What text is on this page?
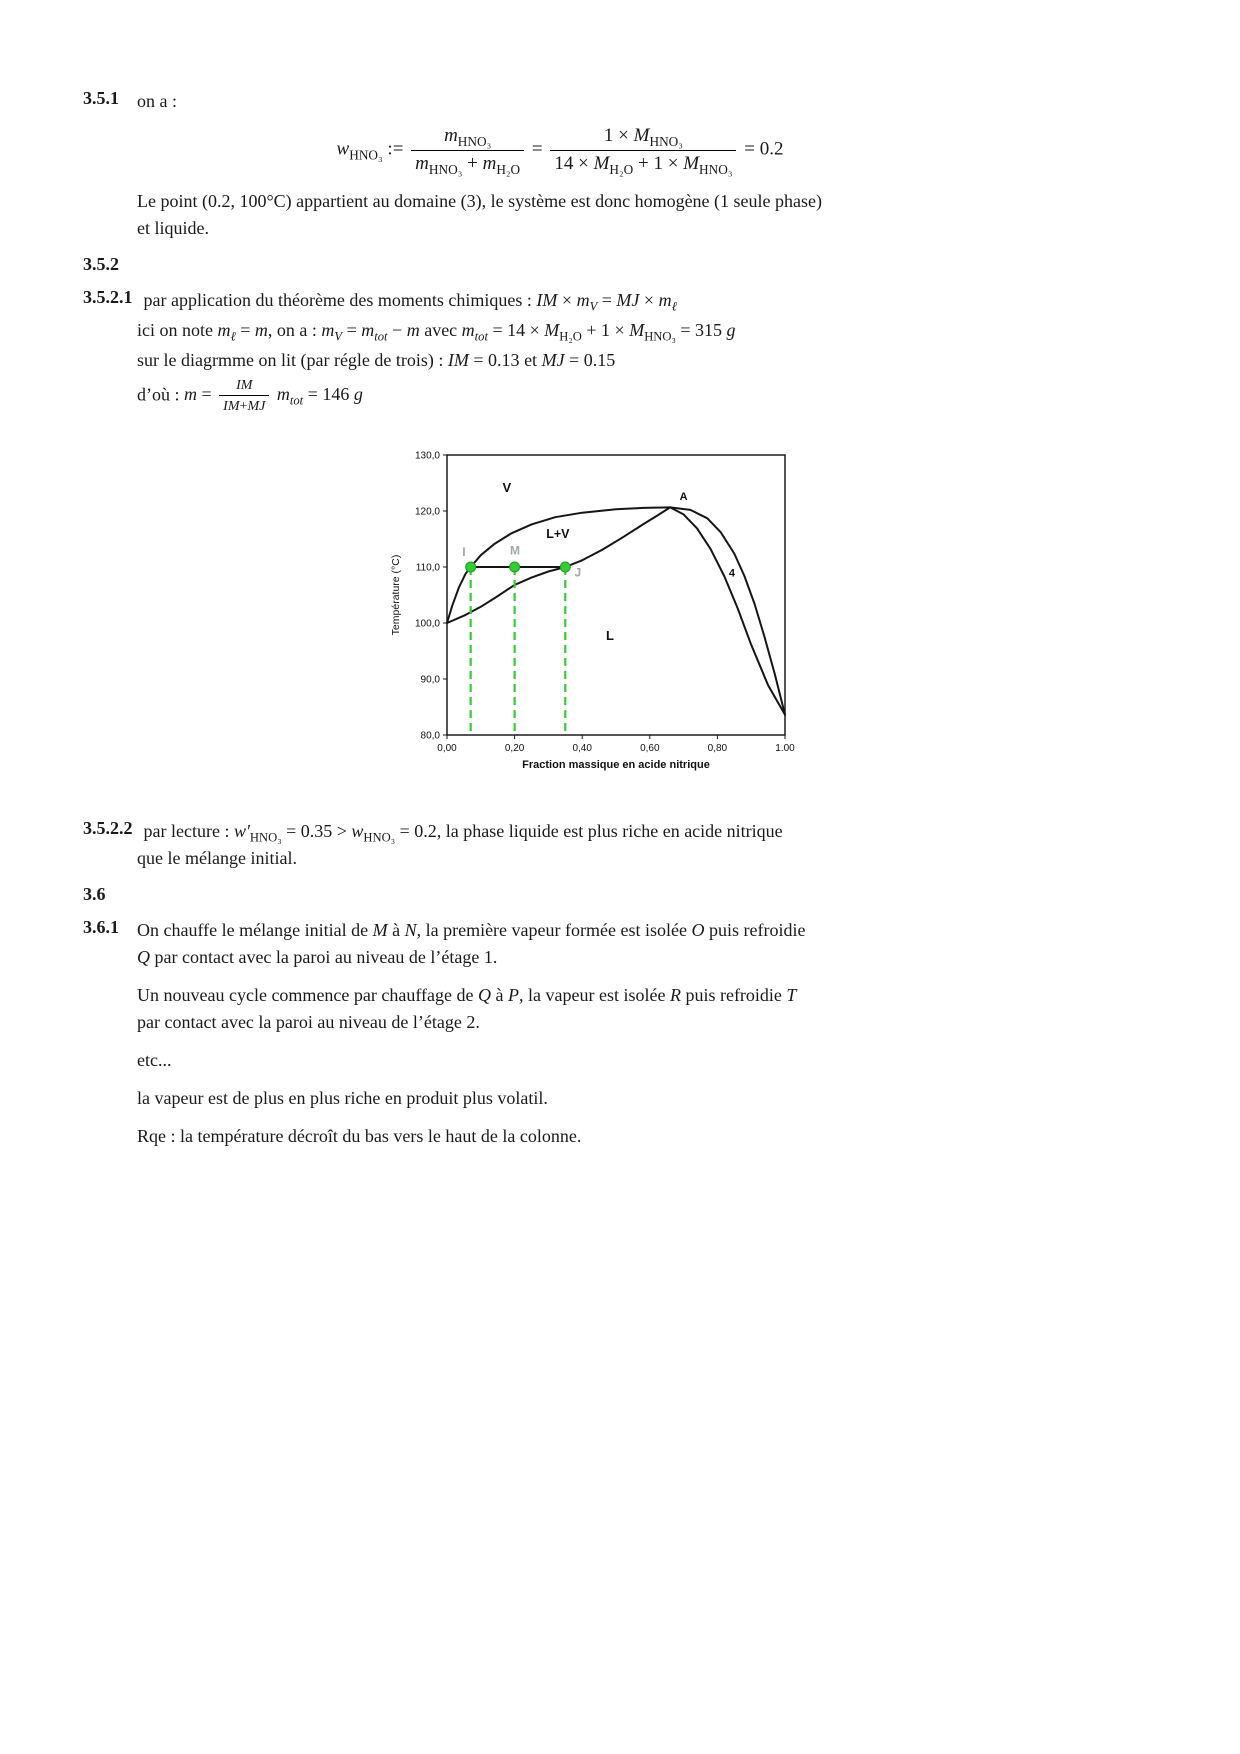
3.5.1	on a :
$w_{HNO_3}$ := $\frac{m_{HNO_3}}{m_{HNO_3} + m_{H_2O}} = \frac{1 \times M_{HNO_3}}{14 \times M_{H_2O} + 1 \times M_{HNO_3}} = 0.2$
Le point (0.2, 100°C) appartient au domaine (3), le système est donc homogène (1 seule phase)
et liquide.
3.5.2
3.5.2.1 par application du théorème des moments chimiques : IM × $m_V$ = MJ × $m_\ell$
ici on note $m_\ell = m$, on a : $m_V = m_{tot} - m$ avec $m_{tot} = 14 \times M_{H_2O} + 1 \times M_{HNO_3} = 315$ g
sur le diagrmme on lit (par régle de trois) : IM = 0.13 et MJ = 0.15
d’où : $m = \frac{IM}{IM+MJ} m_{tot} = 146$ g
130,0
120,0
110,0
100,0
90,0
80,0
0,00	0,20	0,40	0,60	0,80	1.00
Fraction massique en acide nitrique
Température (°C)
V
L+V
L
A
4
I	M
J
3.5.2.2 par lecture : $w'_{HNO_3} = 0.35 > w_{HNO_3} = 0.2$, la phase liquide est plus riche en acide nitrique
que le mélange initial.
3.6
3.6.1	On chauffe le mélange initial de M à N, la première vapeur formée est isolée O puis refroidie
Q par contact avec la paroi au niveau de l’étage 1.
Un nouveau cycle commence par chauffage de Q à P, la vapeur est isolée R puis refroidie T
par contact avec la paroi au niveau de l’étage 2.
etc...
la vapeur est de plus en plus riche en produit plus volatil.
Rqe : la température décroît du bas vers le haut de la colonne.
